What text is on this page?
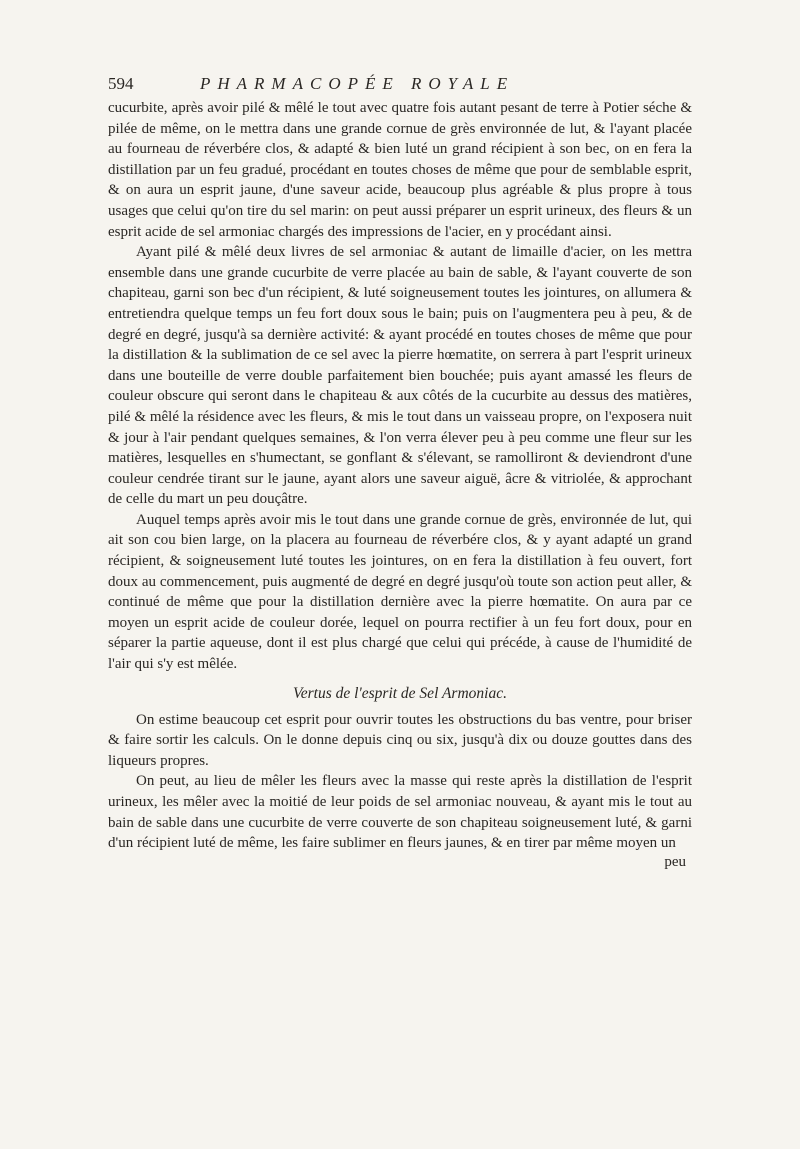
594	PHARMACOPÉE ROYALE

cucurbite, après avoir pilé & mêlé le tout avec quatre fois autant pesant de terre à Potier séche & pilée de même, on le mettra dans une grande cornue de grès environnée de lut, & l'ayant placée au fourneau de réverbére clos, & adapté & bien luté un grand récipient à son bec, on en fera la distillation par un feu gradué, procédant en toutes choses de même que pour de semblable esprit, & on aura un esprit jaune, d'une saveur acide, beaucoup plus agréable & plus propre à tous usages que celui qu'on tire du sel marin: on peut aussi préparer un esprit urineux, des fleurs & un esprit acide de sel armoniac chargés des impressions de l'acier, en y procédant ainsi.

Ayant pilé & mêlé deux livres de sel armoniac & autant de limaille d'acier, on les mettra ensemble dans une grande cucurbite de verre placée au bain de sable, & l'ayant couverte de son chapiteau, garni son bec d'un récipient, & luté soigneusement toutes les jointures, on allumera & entretiendra quelque temps un feu fort doux sous le bain; puis on l'augmentera peu à peu, & de degré en degré, jusqu'à sa dernière activité: & ayant procédé en toutes choses de même que pour la distillation & la sublimation de ce sel avec la pierre hœmatite, on serrera à part l'esprit urineux dans une bouteille de verre double parfaitement bien bouchée; puis ayant amassé les fleurs de couleur obscure qui seront dans le chapiteau & aux côtés de la cucurbite au dessus des matières, pilé & mêlé la résidence avec les fleurs, & mis le tout dans un vaisseau propre, on l'exposera nuit & jour à l'air pendant quelques semaines, & l'on verra élever peu à peu comme une fleur sur les matières, lesquelles en s'humectant, se gonflant & s'élevant, se ramolliront & deviendront d'une couleur cendrée tirant sur le jaune, ayant alors une saveur aiguë, âcre & vitriolée, & approchant de celle du mart un peu douçâtre.

Auquel temps après avoir mis le tout dans une grande cornue de grès, environnée de lut, qui ait son cou bien large, on la placera au fourneau de réverbére clos, & y ayant adapté un grand récipient, & soigneusement luté toutes les jointures, on en fera la distillation à feu ouvert, fort doux au commencement, puis augmenté de degré en degré jusqu'où toute son action peut aller, & continué de même que pour la distillation dernière avec la pierre hœmatite. On aura par ce moyen un esprit acide de couleur dorée, lequel on pourra rectifier à un feu fort doux, pour en séparer la partie aqueuse, dont il est plus chargé que celui qui précéde, à cause de l'humidité de l'air qui s'y est mêlée.

Vertus de l'esprit de Sel Armoniac.

On estime beaucoup cet esprit pour ouvrir toutes les obstructions du bas ventre, pour briser & faire sortir les calculs. On le donne depuis cinq ou six, jusqu'à dix ou douze gouttes dans des liqueurs propres.

On peut, au lieu de mêler les fleurs avec la masse qui reste après la distillation de l'esprit urineux, les mêler avec la moitié de leur poids de sel armoniac nouveau, & ayant mis le tout au bain de sable dans une cucurbite de verre couverte de son chapiteau soigneusement luté, & garni d'un récipient luté de même, les faire sublimer en fleurs jaunes, & en tirer par même moyen un

peu
